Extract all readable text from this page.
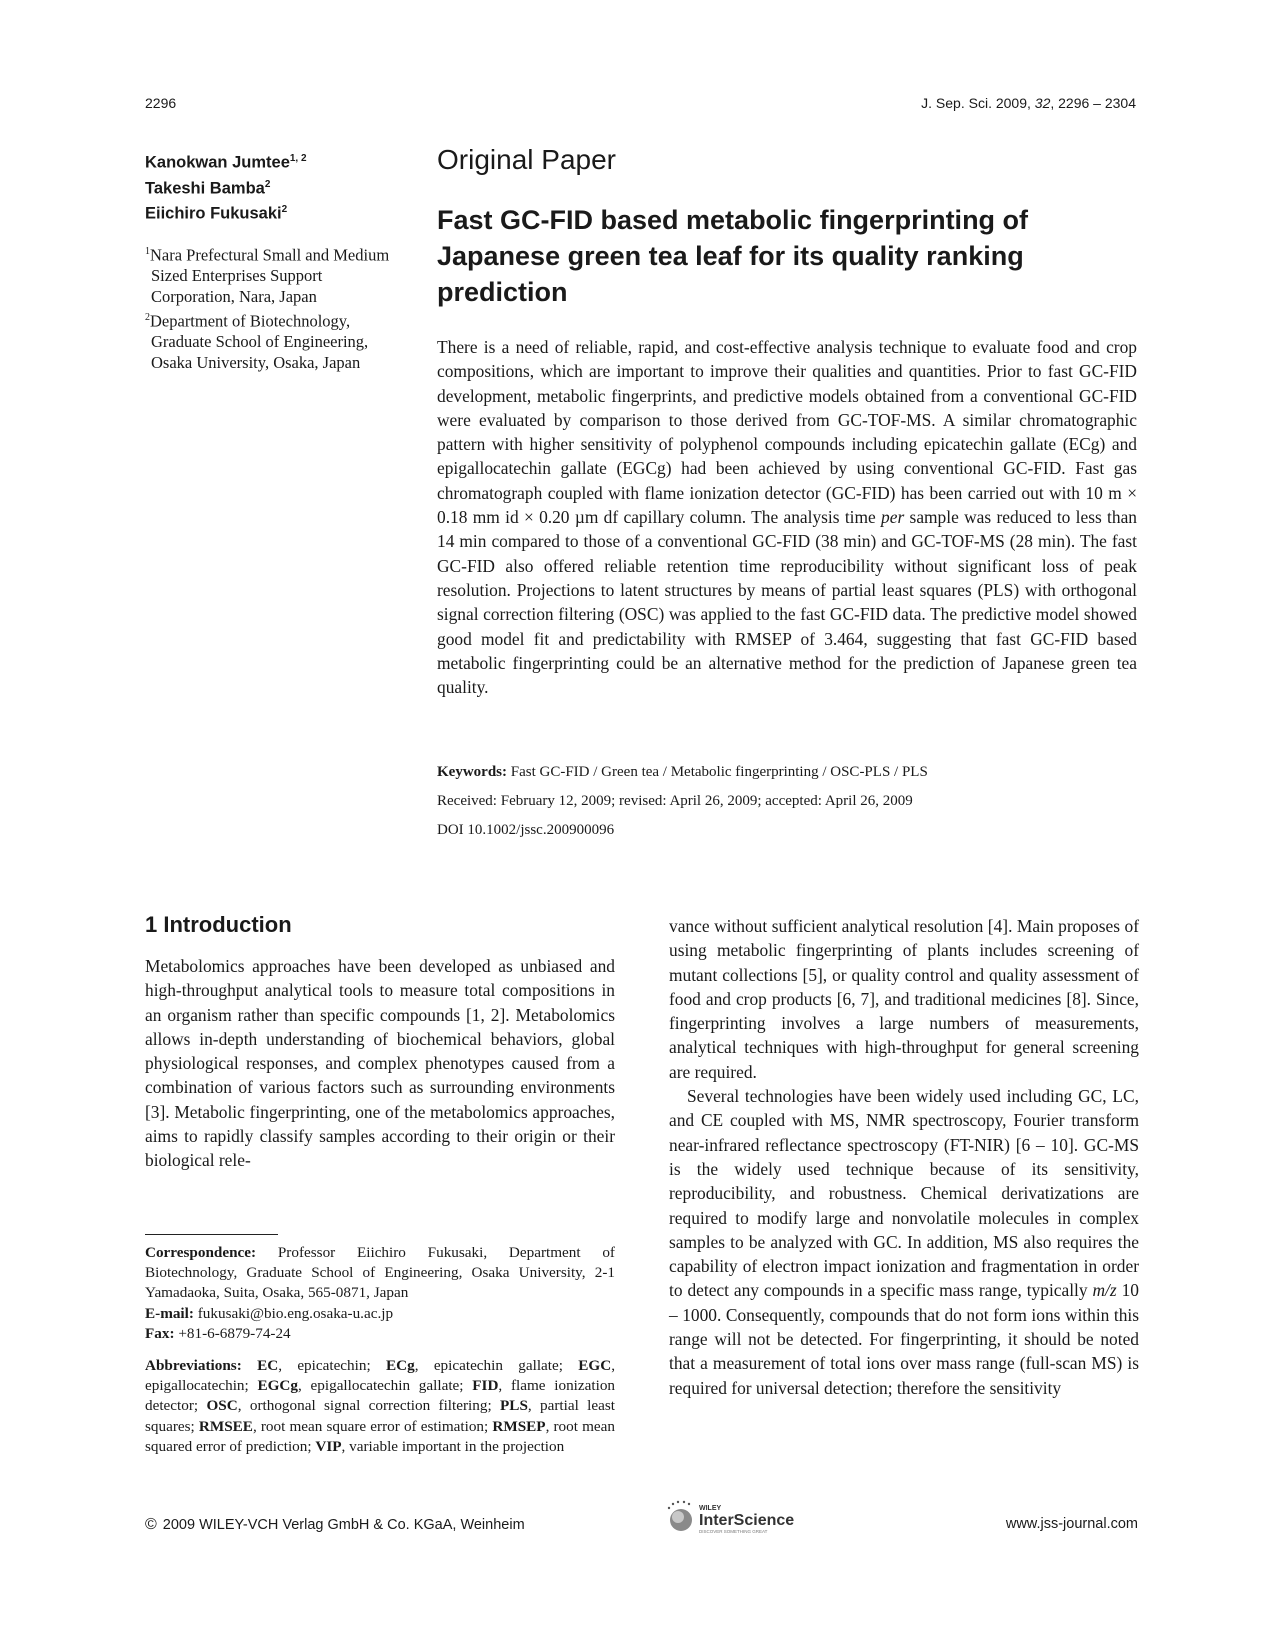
2296	J. Sep. Sci. 2009, 32, 2296 – 2304
Kanokwan Jumtee$^{1, 2}$
Takeshi Bamba$^2$
Eiichiro Fukusaki$^2$
$^1$Nara Prefectural Small and Medium Sized Enterprises Support Corporation, Nara, Japan
$^2$Department of Biotechnology, Graduate School of Engineering, Osaka University, Osaka, Japan
Original Paper
Fast GC-FID based metabolic fingerprinting of Japanese green tea leaf for its quality ranking prediction

There is a need of reliable, rapid, and cost-effective analysis technique to evaluate food and crop compositions, which are important to improve their qualities and quantities. Prior to fast GC-FID development, metabolic fingerprints, and predictive models obtained from a conventional GC-FID were evaluated by comparison to those derived from GC-TOF-MS. A similar chromatographic pattern with higher sensitivity of polyphenol compounds including epicatechin gallate (ECg) and epigallocatechin gallate (EGCg) had been achieved by using conventional GC-FID. Fast gas chromatograph coupled with flame ionization detector (GC-FID) has been carried out with 10 m × 0.18 mm id × 0.20 µm df capillary column. The analysis time per sample was reduced to less than 14 min compared to those of a conventional GC-FID (38 min) and GC-TOF-MS (28 min). The fast GC-FID also offered reliable retention time reproducibility without significant loss of peak resolution. Projections to latent structures by means of partial least squares (PLS) with orthogonal signal correction filtering (OSC) was applied to the fast GC-FID data. The predictive model showed good model fit and predictability with RMSEP of 3.464, suggesting that fast GC-FID based metabolic fingerprinting could be an alternative method for the prediction of Japanese green tea quality.

Keywords: Fast GC-FID / Green tea / Metabolic fingerprinting / OSC-PLS / PLS
Received: February 12, 2009; revised: April 26, 2009; accepted: April 26, 2009
DOI 10.1002/jssc.200900096
1 Introduction

Metabolomics approaches have been developed as unbiased and high-throughput analytical tools to measure total compositions in an organism rather than specific compounds [1, 2]. Metabolomics allows in-depth understanding of biochemical behaviors, global physiological responses, and complex phenotypes caused from a combination of various factors such as surrounding environments [3]. Metabolic fingerprinting, one of the metabolomics approaches, aims to rapidly classify samples according to their origin or their biological rele-

vance without sufficient analytical resolution [4]. Main proposes of using metabolic fingerprinting of plants includes screening of mutant collections [5], or quality control and quality assessment of food and crop products [6, 7], and traditional medicines [8]. Since, fingerprinting involves a large numbers of measurements, analytical techniques with high-throughput for general screening are required.

Several technologies have been widely used including GC, LC, and CE coupled with MS, NMR spectroscopy, Fourier transform near-infrared reflectance spectroscopy (FT-NIR) [6 – 10]. GC-MS is the widely used technique because of its sensitivity, reproducibility, and robustness. Chemical derivatizations are required to modify large and nonvolatile molecules in complex samples to be analyzed with GC. In addition, MS also requires the capability of electron impact ionization and fragmentation in order to detect any compounds in a specific mass range, typically m/z 10 – 1000. Consequently, compounds that do not form ions within this range will not be detected. For fingerprinting, it should be noted that a measurement of total ions over mass range (full-scan MS) is required for universal detection; therefore the sensitivity

Correspondence: Professor Eiichiro Fukusaki, Department of Biotechnology, Graduate School of Engineering, Osaka University, 2-1 Yamadaoka, Suita, Osaka, 565-0871, Japan
E-mail: fukusaki@bio.eng.osaka-u.ac.jp
Fax: +81-6-6879-74-24
Abbreviations: EC, epicatechin; ECg, epicatechin gallate; EGC, epigallocatechin; EGCg, epigallocatechin gallate; FID, flame ionization detector; OSC, orthogonal signal correction filtering; PLS, partial least squares; RMSEE, root mean square error of estimation; RMSEP, root mean squared error of prediction; VIP, variable important in the projection
© 2009 WILEY-VCH Verlag GmbH & Co. KGaA, Weinheim
WILEY
InterScience
DISCOVER SOMETHING GREAT	www.jss-journal.com
